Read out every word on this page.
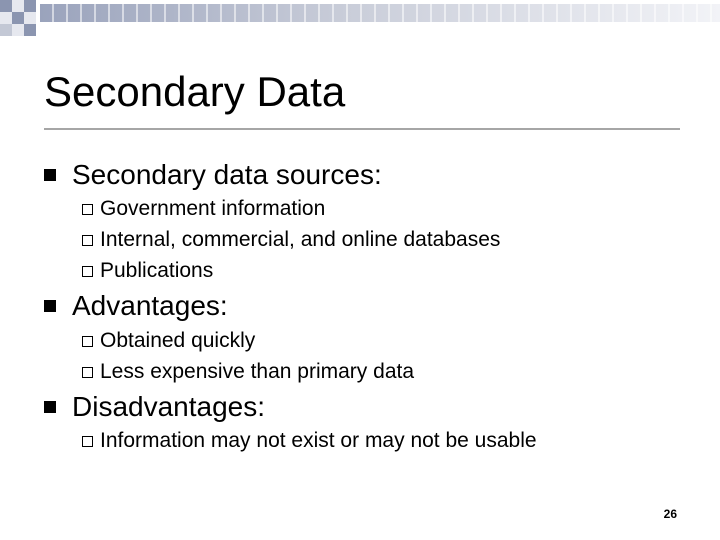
Secondary Data
Secondary data sources:
Government information
Internal, commercial, and online databases
Publications
Advantages:
Obtained quickly
Less expensive than primary data
Disadvantages:
Information may not exist or may not be usable
26
